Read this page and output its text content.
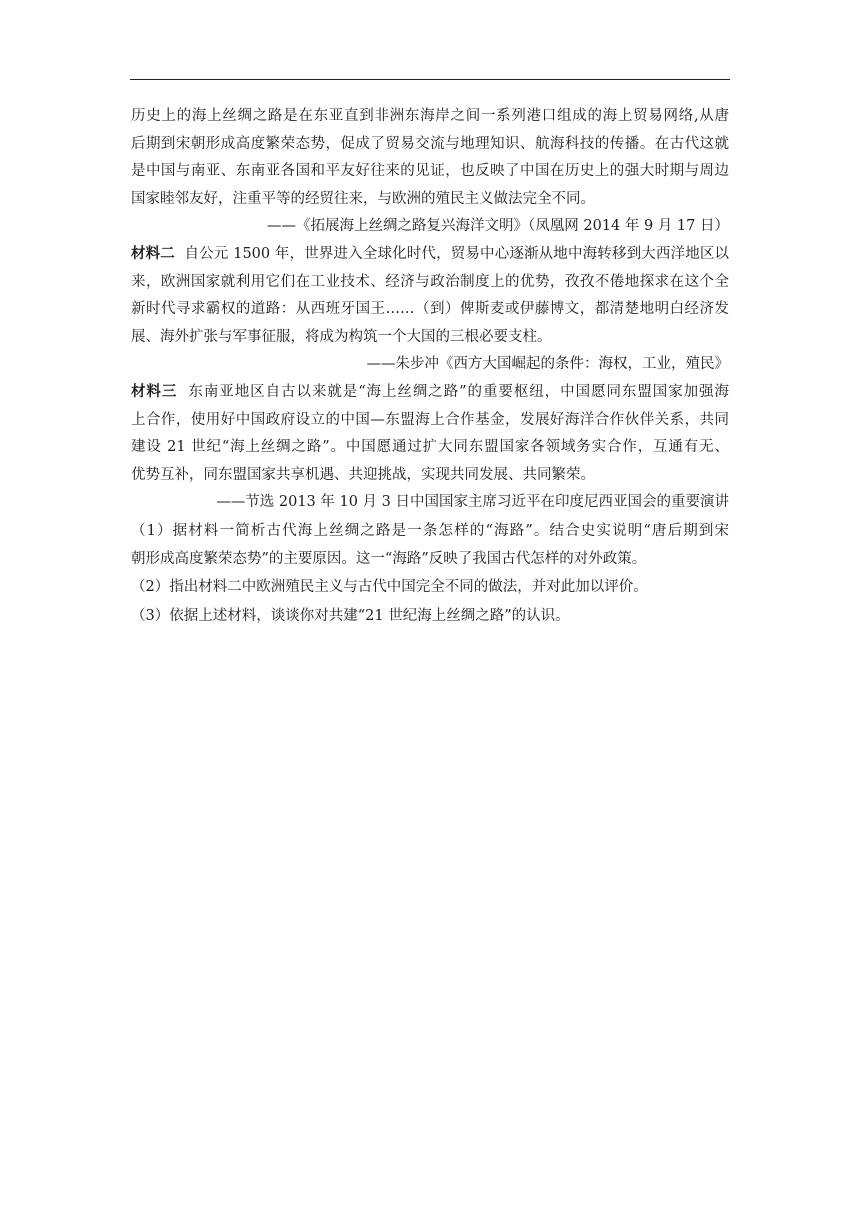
历史上的海上丝绸之路是在东亚直到非洲东海岸之间一系列港口组成的海上贸易网络,从唐

后期到宋朝形成高度繁荣态势，促成了贸易交流与地理知识、航海科技的传播。在古代这就

是中国与南亚、东南亚各国和平友好往来的见证，也反映了中国在历史上的强大时期与周边

国家睦邻友好，注重平等的经贸往来，与欧洲的殖民主义做法完全不同。

——《拓展海上丝绸之路复兴海洋文明》（凤凰网 2014 年 9 月 17 日）

材料二  自公元 1500 年，世界进入全球化时代，贸易中心逐渐从地中海转移到大西洋地区以

来，欧洲国家就利用它们在工业技术、经济与政治制度上的优势，孜孜不倦地探求在这个全

新时代寻求霸权的道路：从西班牙国王……（到）俾斯麦或伊藤博文，都清楚地明白经济发

展、海外扩张与军事征服，将成为构筑一个大国的三根必要支柱。

——朱步冲《西方大国崛起的条件：海权，工业，殖民》

材料三  东南亚地区自古以来就是“海上丝绸之路”的重要枢纽，中国愿同东盟国家加强海

上合作，使用好中国政府设立的中国—东盟海上合作基金，发展好海洋合作伙伴关系，共同

建设 21 世纪“海上丝绸之路”。中国愿通过扩大同东盟国家各领域务实合作，互通有无、

优势互补，同东盟国家共享机遇、共迎挑战，实现共同发展、共同繁荣。

——节选 2013 年 10 月 3 日中国国家主席习近平在印度尼西亚国会的重要演讲

（1）据材料一简析古代海上丝绸之路是一条怎样的“海路”。结合史实说明“唐后期到宋

朝形成高度繁荣态势”的主要原因。这一“海路”反映了我国古代怎样的对外政策。

（2）指出材料二中欧洲殖民主义与古代中国完全不同的做法，并对此加以评价。

（3）依据上述材料，谈谈你对共建“21 世纪海上丝绸之路”的认识。
